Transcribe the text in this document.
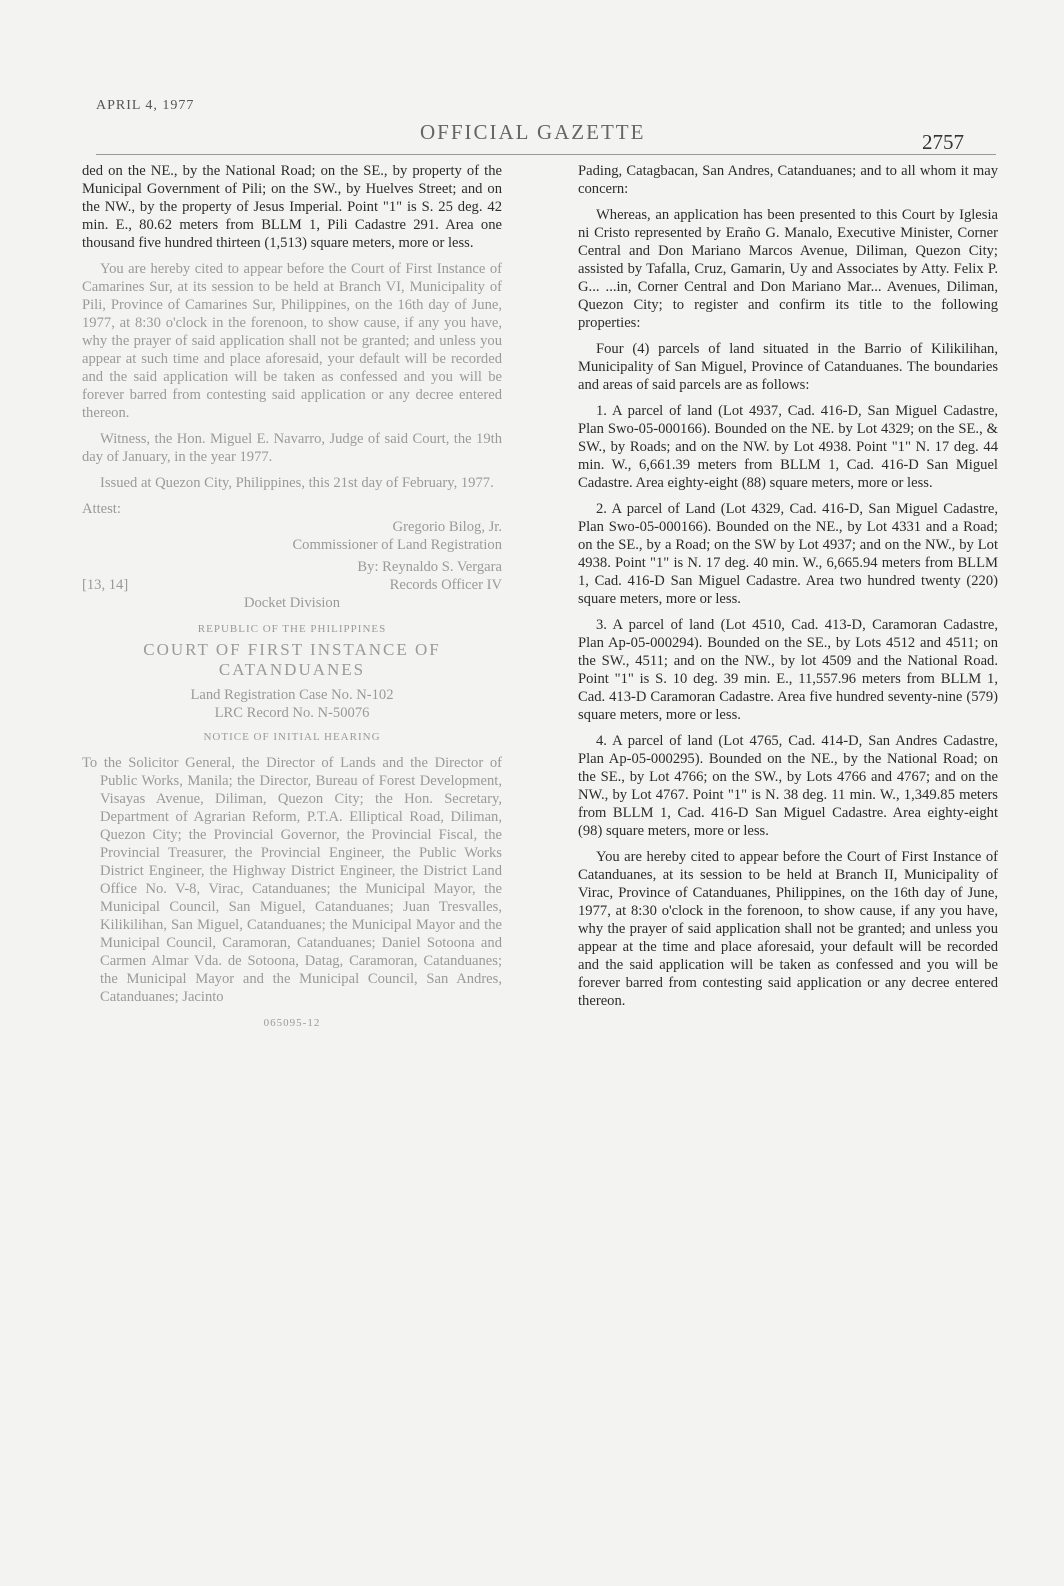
APRIL 4, 1977
OFFICIAL GAZETTE	2757

ded on the NE., by the National Road; on the SE., by property of the Municipal Government of Pili; on the SW., by Huelves Street; and on the NW., by the property of Jesus Imperial. Point "1" is S. 25 deg. 42 min. E., 80.62 meters from BLLM 1, Pili Cadastre 291. Area one thousand five hundred thirteen (1,513) square meters, more or less.

You are hereby cited to appear before the Court of First Instance of Camarines Sur, at its session to be held at Branch VI, Municipality of Pili, Province of Camarines Sur, Philippines, on the 16th day of June, 1977, at 8:30 o'clock in the forenoon, to show cause, if any you have, why the prayer of said application shall not be granted; and unless you appear at such time and place aforesaid, your default will be recorded and the said application will be taken as confessed and you will be forever barred from contesting said application or any decree entered thereon.

Witness, the Hon. Miguel E. Navarro, Judge of said Court, the 19th day of January, in the year 1977.

Issued at Quezon City, Philippines, this 21st day of February, 1977.

Attest:

Gregorio Bilog, Jr.

Commissioner of Land Registration

By: Reynaldo S. Vergara

[13, 14]	Records Officer IV

Docket Division

REPUBLIC OF THE PHILIPPINES

COURT OF FIRST INSTANCE OF CATANDUANES

Land Registration Case No. N-102

LRC Record No. N-50076

NOTICE OF INITIAL HEARING

To the Solicitor General, the Director of Lands and the Director of Public Works, Manila; the Director, Bureau of Forest Development, Visayas Avenue, Diliman, Quezon City; the Hon. Secretary, Department of Agrarian Reform, P.T.A. Elliptical Road, Diliman, Quezon City; the Provincial Governor, the Provincial Fiscal, the Provincial Treasurer, the Provincial Engineer, the Public Works District Engineer, the Highway District Engineer, the District Land Office No. V-8, Virac, Catanduanes; the Municipal Mayor, the Municipal Council, San Miguel, Catanduanes; Juan Tresvalles, Kilikilihan, San Miguel, Catanduanes; the Municipal Mayor and the Municipal Council, Caramoran, Catanduanes; Daniel Sotoona and Carmen Almar Vda. de Sotoona, Datag, Caramoran, Catanduanes; the Municipal Mayor and the Municipal Council, San Andres, Catanduanes; Jacinto

065095-12

Pading, Catagbacan, San Andres, Catanduanes; and to all whom it may concern:

Whereas, an application has been presented to this Court by Iglesia ni Cristo represented by Eraño G. Manalo, Executive Minister, Corner Central and Don Mariano Marcos Avenue, Diliman, Quezon City; assisted by Tafalla, Cruz, Gamarin, Uy and Associates by Atty. Felix P. G... ...in, Corner Central and Don Mariano Mar... Avenues, Diliman, Quezon City; to register and confirm its title to the following properties:

Four (4) parcels of land situated in the Barrio of Kilikilihan, Municipality of San Miguel, Province of Catanduanes. The boundaries and areas of said parcels are as follows:

1. A parcel of land (Lot 4937, Cad. 416-D, San Miguel Cadastre, Plan Swo-05-000166). Bounded on the NE. by Lot 4329; on the SE., & SW., by Roads; and on the NW. by Lot 4938. Point "1" N. 17 deg. 44 min. W., 6,661.39 meters from BLLM 1, Cad. 416-D San Miguel Cadastre. Area eighty-eight (88) square meters, more or less.

2. A parcel of Land (Lot 4329, Cad. 416-D, San Miguel Cadastre, Plan Swo-05-000166). Bounded on the NE., by Lot 4331 and a Road; on the SE., by a Road; on the SW by Lot 4937; and on the NW., by Lot 4938. Point "1" is N. 17 deg. 40 min. W., 6,665.94 meters from BLLM 1, Cad. 416-D San Miguel Cadastre. Area two hundred twenty (220) square meters, more or less.

3. A parcel of land (Lot 4510, Cad. 413-D, Caramoran Cadastre, Plan Ap-05-000294). Bounded on the SE., by Lots 4512 and 4511; on the SW., 4511; and on the NW., by lot 4509 and the National Road. Point "1" is S. 10 deg. 39 min. E., 11,557.96 meters from BLLM 1, Cad. 413-D Caramoran Cadastre. Area five hundred seventy-nine (579) square meters, more or less.

4. A parcel of land (Lot 4765, Cad. 414-D, San Andres Cadastre, Plan Ap-05-000295). Bounded on the NE., by the National Road; on the SE., by Lot 4766; on the SW., by Lots 4766 and 4767; and on the NW., by Lot 4767. Point "1" is N. 38 deg. 11 min. W., 1,349.85 meters from BLLM 1, Cad. 416-D San Miguel Cadastre. Area eighty-eight (98) square meters, more or less.

You are hereby cited to appear before the Court of First Instance of Catanduanes, at its session to be held at Branch II, Municipality of Virac, Province of Catanduanes, Philippines, on the 16th day of June, 1977, at 8:30 o'clock in the forenoon, to show cause, if any you have, why the prayer of said application shall not be granted; and unless you appear at the time and place aforesaid, your default will be recorded and the said application will be taken as confessed and you will be forever barred from contesting said application or any decree entered thereon.
